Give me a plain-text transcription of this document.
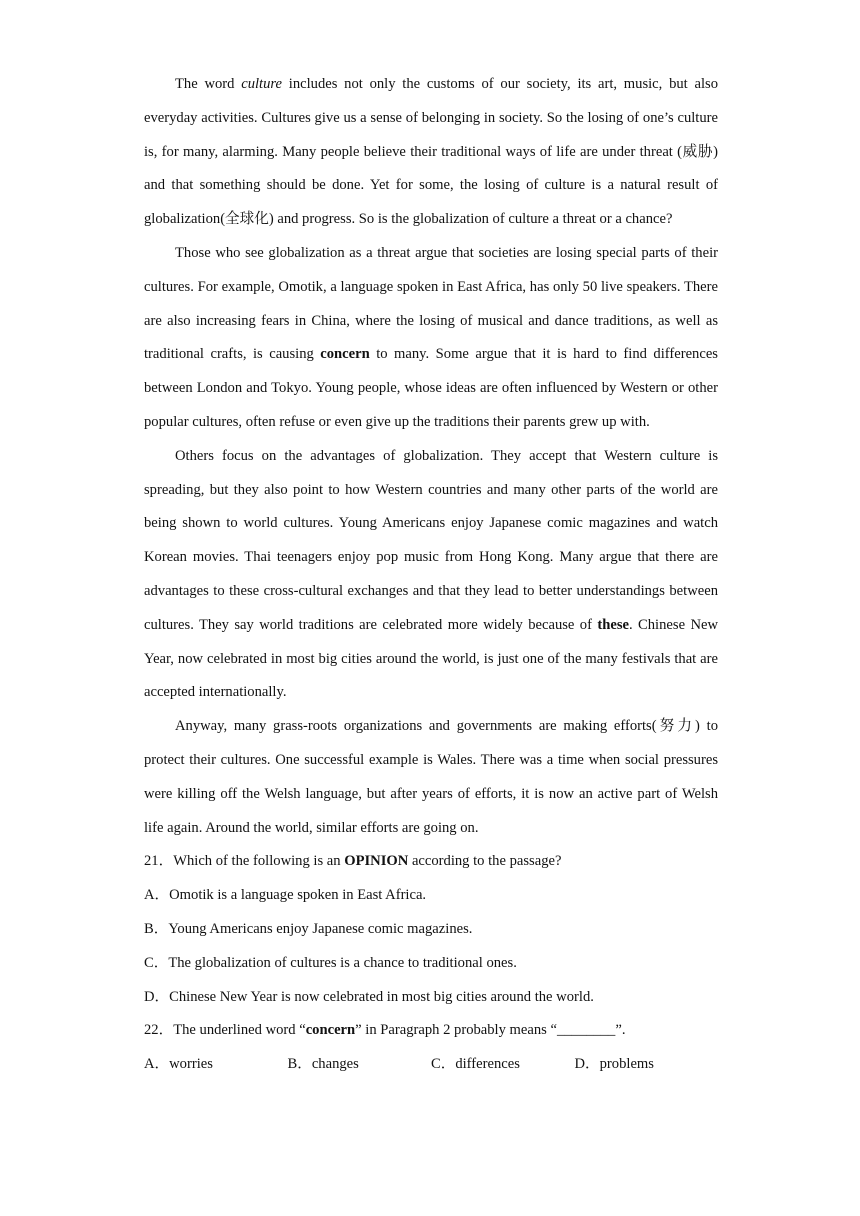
The word culture includes not only the customs of our society, its art, music, but also everyday activities. Cultures give us a sense of belonging in society. So the losing of one’s culture is, for many, alarming. Many people believe their traditional ways of life are under threat (威胁) and that something should be done. Yet for some, the losing of culture is a natural result of globalization(全球化) and progress. So is the globalization of culture a threat or a chance?

Those who see globalization as a threat argue that societies are losing special parts of their cultures. For example, Omotik, a language spoken in East Africa, has only 50 live speakers. There are also increasing fears in China, where the losing of musical and dance traditions, as well as traditional crafts, is causing concern to many. Some argue that it is hard to find differences between London and Tokyo. Young people, whose ideas are often influenced by Western or other popular cultures, often refuse or even give up the traditions their parents grew up with.

Others focus on the advantages of globalization. They accept that Western culture is spreading, but they also point to how Western countries and many other parts of the world are being shown to world cultures. Young Americans enjoy Japanese comic magazines and watch Korean movies. Thai teenagers enjoy pop music from Hong Kong. Many argue that there are advantages to these cross-cultural exchanges and that they lead to better understandings between cultures. They say world traditions are celebrated more widely because of these. Chinese New Year, now celebrated in most big cities around the world, is just one of the many festivals that are accepted internationally.

Anyway, many grass-roots organizations and governments are making efforts(努力) to protect their cultures. One successful example is Wales. There was a time when social pressures were killing off the Welsh language, but after years of efforts, it is now an active part of Welsh life again. Around the world, similar efforts are going on.

21．Which of the following is an OPINION according to the passage?

A．Omotik is a language spoken in East Africa.

B．Young Americans enjoy Japanese comic magazines.

C．The globalization of cultures is a chance to traditional ones.

D．Chinese New Year is now celebrated in most big cities around the world.

22．The underlined word “concern” in Paragraph 2 probably means “________”.

A．worries	B．changes	C．differences	D．problems
